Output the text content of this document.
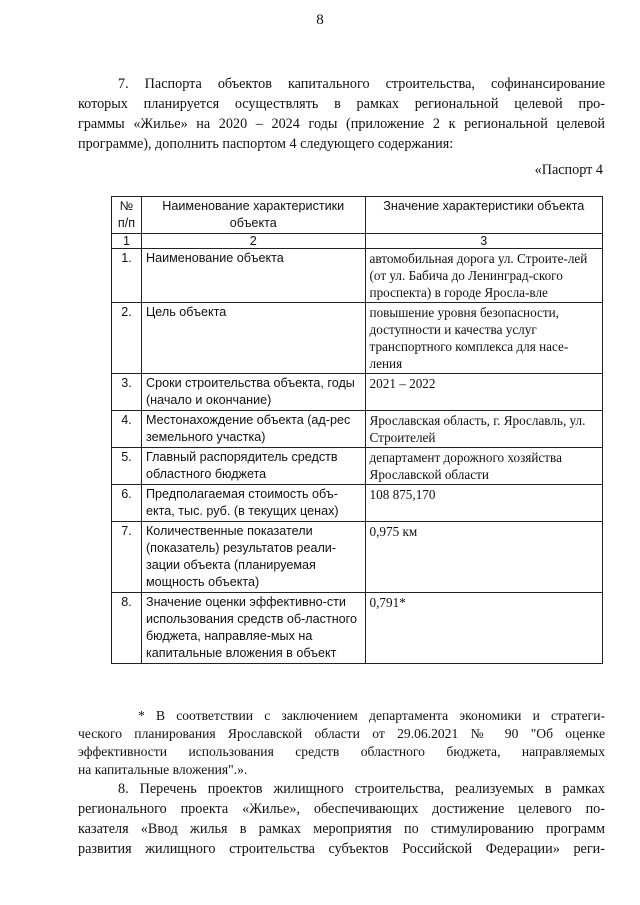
8
7. Паспорта объектов капитального строительства, софинансирование
которых планируется осуществлять в рамках региональной целевой про-
граммы «Жилье» на 2020 – 2024 годы (приложение 2 к региональной целевой
программе), дополнить паспортом 4 следующего содержания:
«Паспорт 4
№ п/п	Наименование характеристики объекта	Значение характеристики объекта
1	2	3
1.	Наименование объекта	автомобильная дорога ул. Строите-лей (от ул. Бабича до Ленинград-ского проспекта) в городе Яросла-вле
2.	Цель объекта	повышение уровня безопасности, доступности и качества услуг транспортного комплекса для насе-ления
3.	Сроки строительства объекта, годы (начало и окончание)	2021 – 2022
4.	Местонахождение объекта (ад-рес земельного участка)	Ярославская область, г. Ярославль, ул. Строителей
5.	Главный распорядитель средств областного бюджета	департамент дорожного хозяйства Ярославской области
6.	Предполагаемая стоимость объ-екта, тыс. руб. (в текущих ценах)	108 875,170
7.	Количественные показатели (показатель) результатов реали-зации объекта (планируемая мощность объекта)	0,975 км
8.	Значение оценки эффективно-сти использования средств об-ластного бюджета, направляе-мых на капитальные вложения в объект	0,791*
* В соответствии с заключением департамента экономики и стратеги-
ческого планирования Ярославской области от 29.06.2021 № 90 "Об оценке
эффективности использования средств областного бюджета, направляемых
на капитальные вложения".».
8. Перечень проектов жилищного строительства, реализуемых в рамках
регионального проекта «Жилье», обеспечивающих достижение целевого по-
казателя «Ввод жилья в рамках мероприятия по стимулированию программ
развития жилищного строительства субъектов Российской Федерации» реги-
